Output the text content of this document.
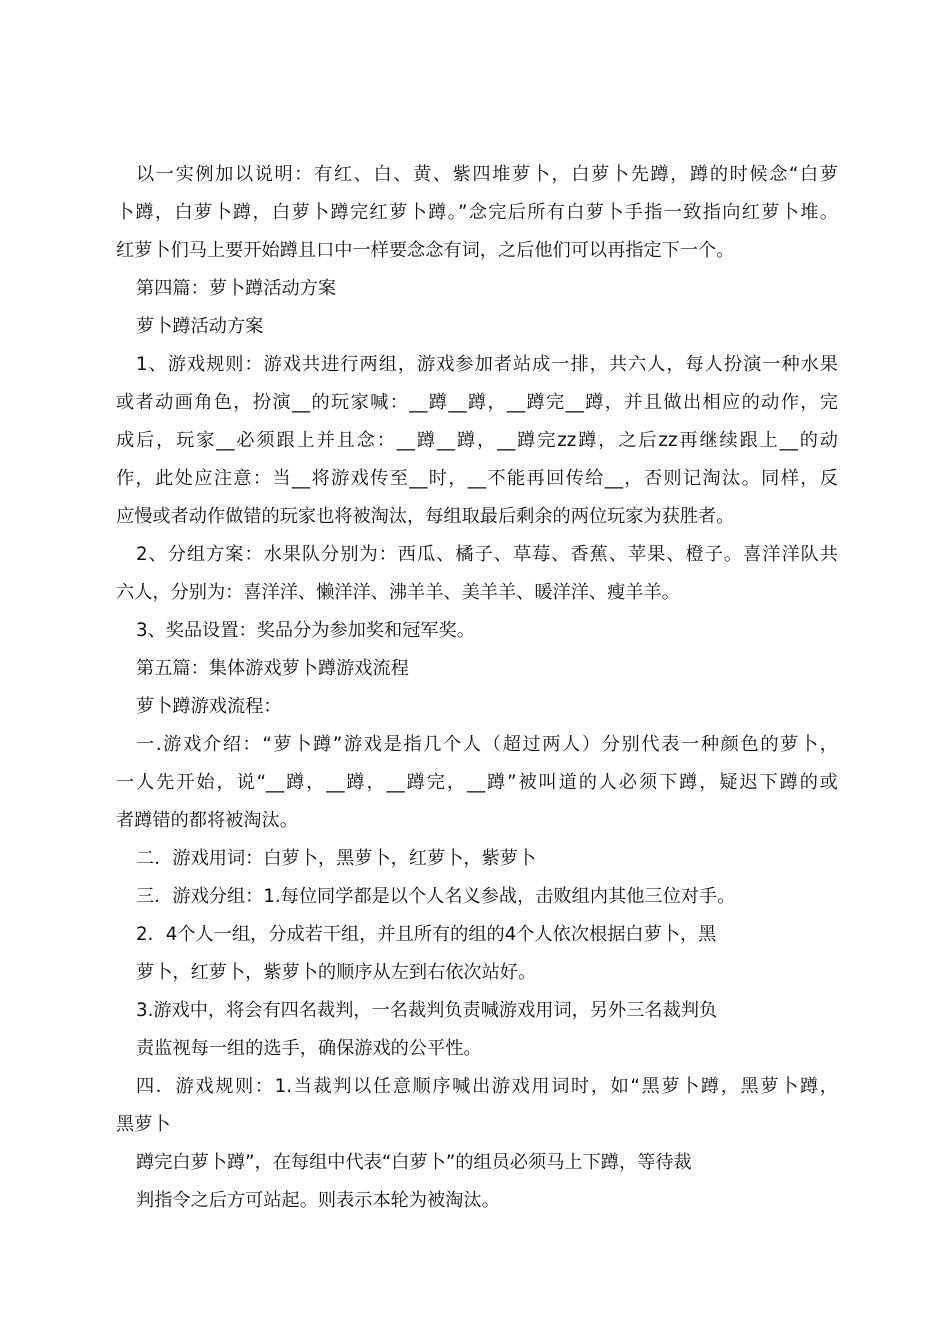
以一实例加以说明：有红、白、黄、紫四堆萝卜，白萝卜先蹲，蹲的时候念“白萝
卜蹲，白萝卜蹲，白萝卜蹲完红萝卜蹲。”念完后所有白萝卜手指一致指向红萝卜堆。
红萝卜们马上要开始蹲且口中一样要念念有词，之后他们可以再指定下一个。
第四篇：萝卜蹲活动方案
萝卜蹲活动方案
1、游戏规则：游戏共进行两组，游戏参加者站成一排，共六人，每人扮演一种水果
或者动画角色，扮演__的玩家喊：__蹲__蹲，__蹲完__蹲，并且做出相应的动作，完
成后，玩家__必须跟上并且念：__蹲__蹲，__蹲完zz蹲，之后zz再继续跟上__的动
作，此处应注意：当__将游戏传至__时，__不能再回传给__，否则记淘汰。同样，反
应慢或者动作做错的玩家也将被淘汰，每组取最后剩余的两位玩家为获胜者。
2、分组方案：水果队分别为：西瓜、橘子、草莓、香蕉、苹果、橙子。喜洋洋队共
六人，分别为：喜洋洋、懒洋洋、沸羊羊、美羊羊、暖洋洋、瘦羊羊。
3、奖品设置：奖品分为参加奖和冠军奖。
第五篇：集体游戏萝卜蹲游戏流程
萝卜蹲游戏流程：
一.游戏介绍：“萝卜蹲”游戏是指几个人（超过两人）分别代表一种颜色的萝卜，
一人先开始，说“__蹲，__蹲，__蹲完，__蹲”被叫道的人必须下蹲，疑迟下蹲的或
者蹲错的都将被淘汰。
二．游戏用词：白萝卜，黑萝卜，红萝卜，紫萝卜
三．游戏分组：1.每位同学都是以个人名义参战，击败组内其他三位对手。
2．4个人一组，分成若干组，并且所有的组的4个人依次根据白萝卜，黑
萝卜，红萝卜，紫萝卜的顺序从左到右依次站好。
3.游戏中，将会有四名裁判，一名裁判负责喊游戏用词，另外三名裁判负
责监视每一组的选手，确保游戏的公平性。
四．游戏规则：1.当裁判以任意顺序喊出游戏用词时，如“黑萝卜蹲，黑萝卜蹲，
黑萝卜
蹲完白萝卜蹲”，在每组中代表“白萝卜”的组员必须马上下蹲，等待裁
判指令之后方可站起。则表示本轮为被淘汰。
